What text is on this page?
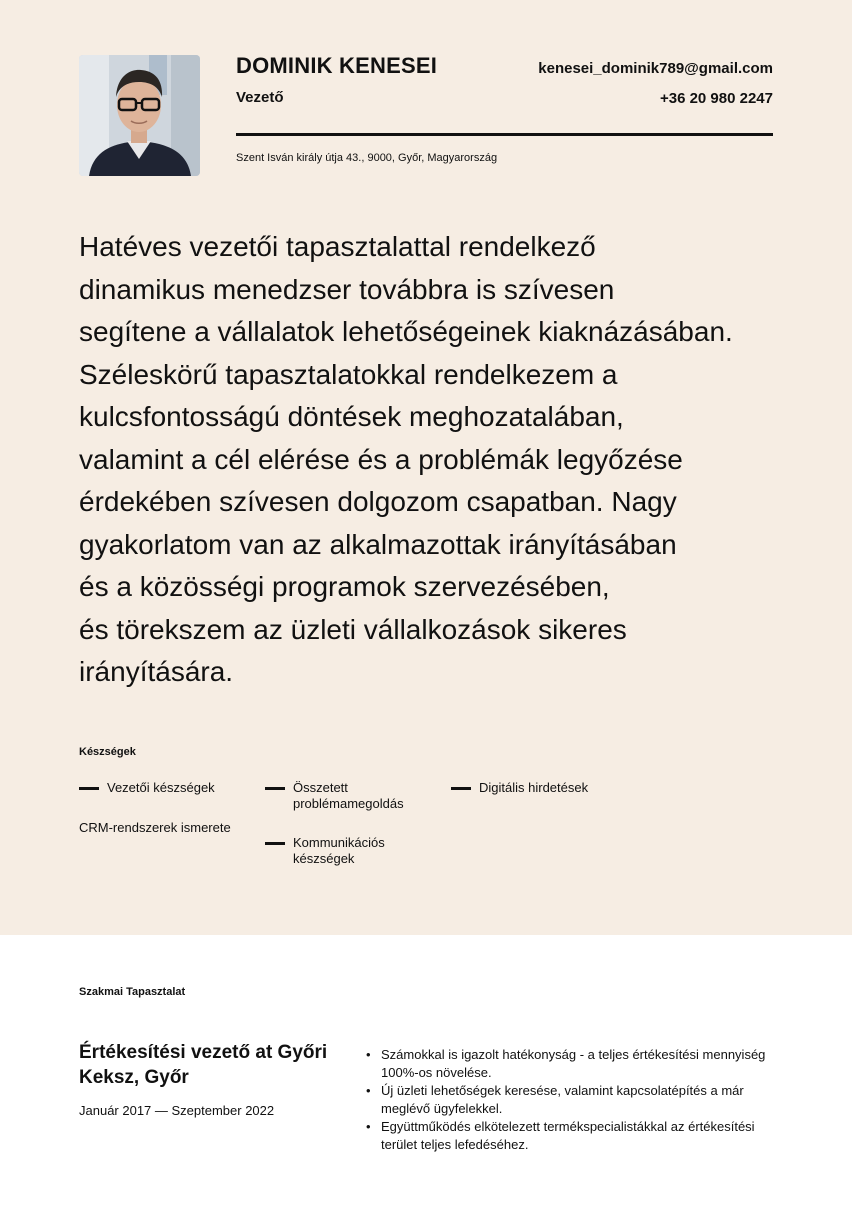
DOMINIK KENESEI
Vezető
kenesei_dominik789@gmail.com
+36 20 980 2247
Szent Isván király útja 43., 9000, Győr, Magyarország
Hatéves vezetői tapasztalattal rendelkező
dinamikus menedzser továbbra is szívesen
segítene a vállalatok lehetőségeinek kiaknázásában.
Széleskörű tapasztalatokkal rendelkezem a
kulcsfontosságú döntések meghozatalában,
valamint a cél elérése és a problémák legyőzése
érdekében szívesen dolgozom csapatban. Nagy
gyakorlatom van az alkalmazottak irányításában
és a közösségi programok szervezésében,
és törekszem az üzleti vállalkozások sikeres
irányítására.
Készségek
Vezetői készségek	Összetett problémamegoldás
Digitális hirdetések
CRM-rendszerek ismerete
Kommunikációs készségek
Szakmai Tapasztalat
Értékesítési vezető at Győri Keksz, Győr
Január 2017 — Szeptember 2022
• Számokkal is igazolt hatékonyság - a teljes értékesítési mennyiség 100%-os növelése.
• Új üzleti lehetőségek keresése, valamint kapcsolatépítés a már meglévő ügyfelekkel.
• Együttműködés elkötelezett termékspecialistákkal az értékesítési terület teljes lefedéséhez.
